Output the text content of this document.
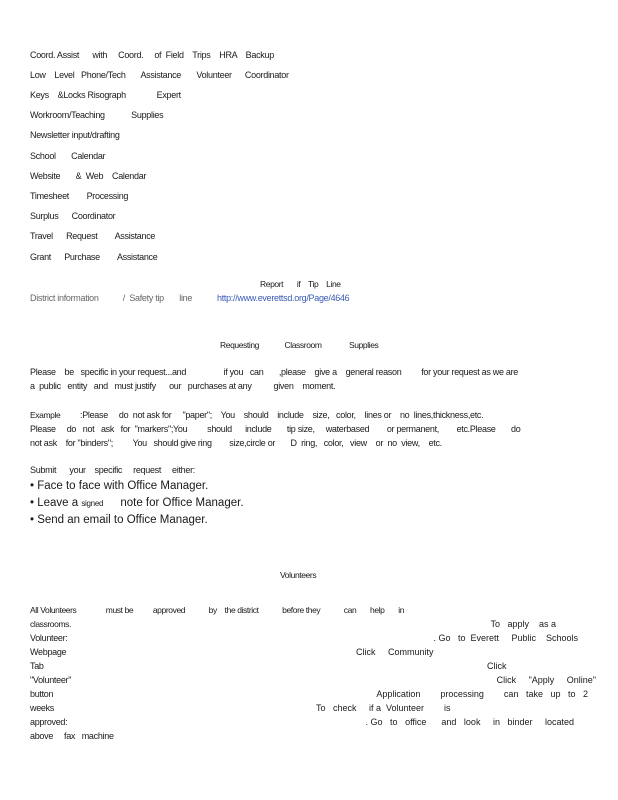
Coord. Assist      with     Coord.     of  Field    Trips    HRA    Backup
Low    Level   Phone/Tech       Assistance       Volunteer      Coordinator
Keys    &Locks Risograph              Expert
Workroom/Teaching            Supplies
Newsletter input/drafting
School       Calendar
Website       &  Web    Calendar
Timesheet        Processing
Surplus      Coordinator
Travel      Request        Assistance
Grant      Purchase        Assistance
Report       if    Tip    Line
District information           /  Safety tip       line	http://www.everettsd.org/Page/4646
Requesting             Classroom              Supplies
Please    be   specific in your request...and                 if you   can       ,please    give a    general reason         for your request as we are
a  public   entity   and   must justify      our   purchases at any          given    moment.
Example :Please     do  not ask for     "paper";    You    should    include    size,   color,    lines or    no  lines,thickness,etc.
Please     do   not   ask   for  "markers";You         should      include       tip size,     waterbased        or permanent,        etc.Please       do
not ask    for "binders";         You   should give ring        size,circle or       D  ring,   color,   view    or  no  view,    etc.
Submit      your    specific     request     either:
• Face to face with Office Manager.
• Leave a signed note for Office Manager.
• Send an email to Office Manager.
Volunteers
All Volunteers               must be          approved            by    the district            before they            can       help       in
classrooms.
Volunteer:
Webpage
Tab
"Volunteer"
button
weeks
approved:
above     fax   machine
To   apply    as a
. Go   to  Everett     Public    Schools
Click     Community
Click
Click     "Apply     Online"
Application        processing        can   take   up   to   2
To   check     if a  Volunteer        is
. Go   to   office      and   look     in   binder     located
